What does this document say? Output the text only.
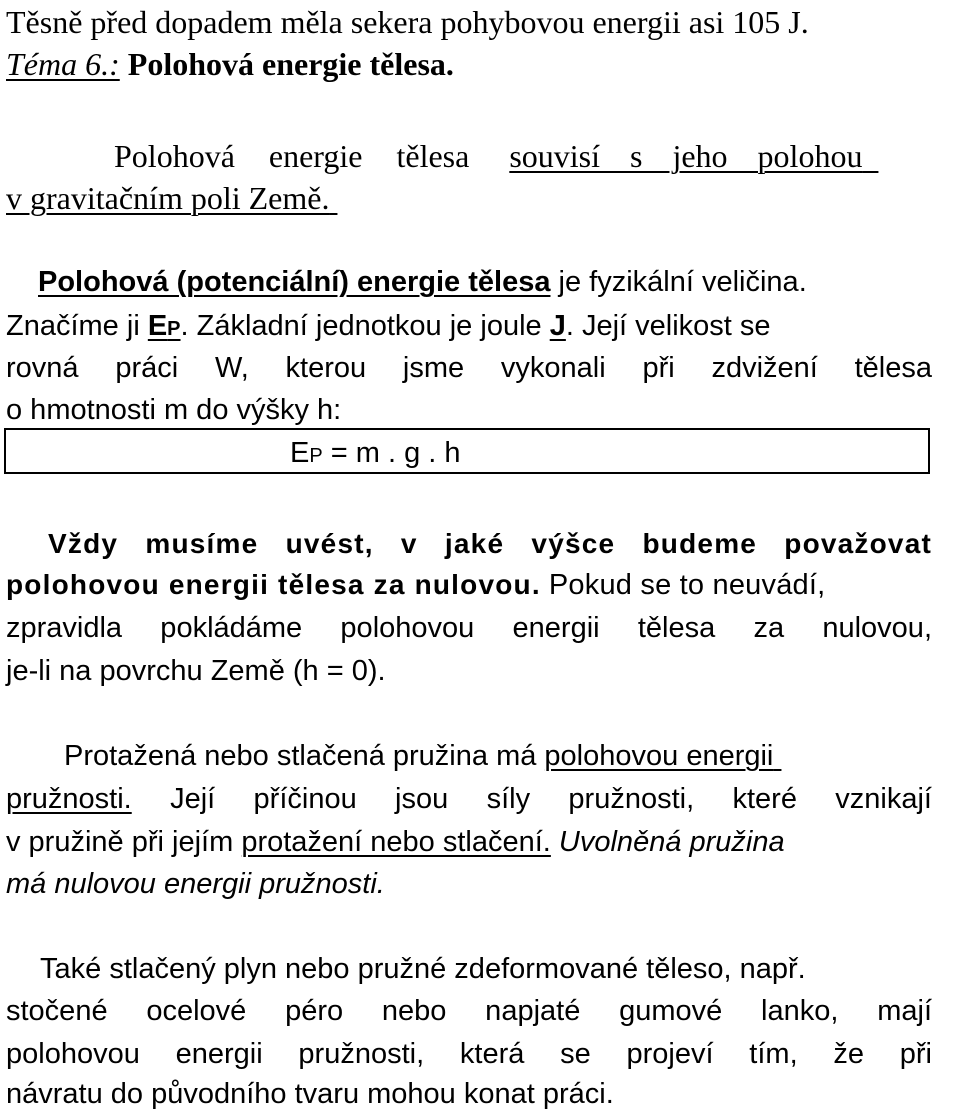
Těsně před dopadem měla sekera pohybovou energii asi 105 J.
Téma 6.: Polohová energie tělesa.
Polohová energie tělesa souvisí s jeho polohou
v gravitačním poli Země.
Polohová (potenciální) energie tělesa je fyzikální veličina.
Značíme ji EP. Základní jednotkou je joule J. Její velikost se
rovná práci W, kterou jsme vykonali při zdvižení tělesa
o hmotnosti m do výšky h:
EP = m . g . h
Vždy musíme uvést, v jaké výšce budeme považovat
polohovou energii tělesa za nulovou. Pokud se to neuvádí,
zpravidla pokládáme polohovou energii tělesa za nulovou,
je-li na povrchu Země (h = 0).
Protažená nebo stlačená pružina má polohovou energii
pružnosti. Její příčinou jsou síly pružnosti, které vznikají
v pružině při jejím protažení nebo stlačení. Uvolněná pružina
má nulovou energii pružnosti.
Také stlačený plyn nebo pružné zdeformované těleso, např.
stočené ocelové péro nebo napjaté gumové lanko, mají
polohovou energii pružnosti, která se projeví tím, že při
návratu do původního tvaru mohou konat práci.
